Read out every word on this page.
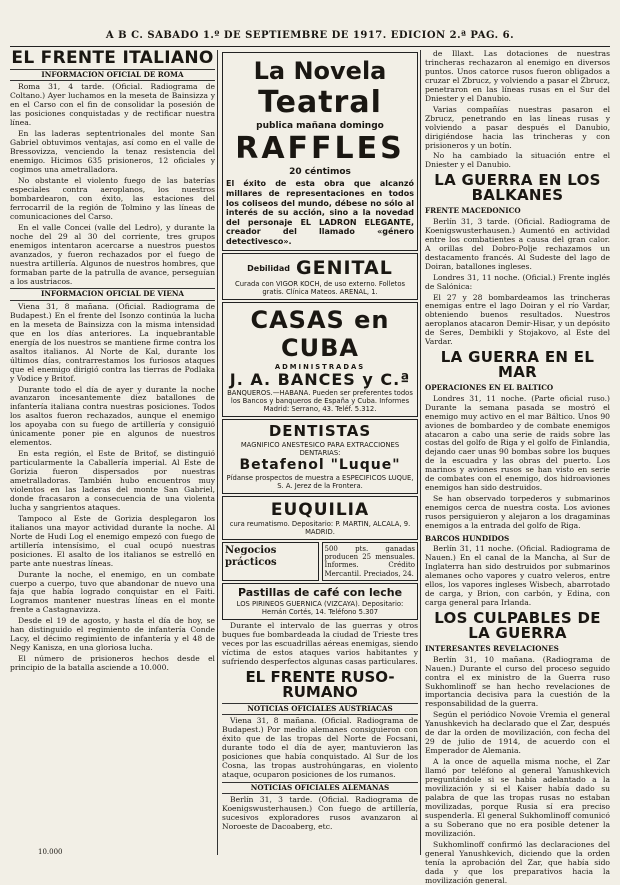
A B C. SABADO 1.º DE SEPTIEMBRE DE 1917. EDICION 2.ª PAG. 6.
EL FRENTE ITALIANO
INFORMACION OFICIAL DE ROMA

Roma 31, 4 tarde. (Oficial. Radiograma de Coltano.) Ayer luchamos en la meseta de Bainsizza y en el Carso con el fin de consolidar la posesión de las posiciones conquistadas y de rectificar nuestra línea.

En las laderas septentrionales del monte San Gabriel obtuvimos ventajas, así como en el valle de Bressovizza, venciendo la tenaz resistencia del enemigo. Hicimos 635 prisioneros, 12 oficiales y cogimos una ametralladora.

No obstante el violento fuego de las baterías especiales contra aeroplanos, los nuestros bombardearon, con éxito, las estaciones del ferrocarril de la región de Tolmino y las líneas de comunicaciones del Carso.

En el valle Concei (valle del Ledro), y durante la noche del 29 al 30 del corriente, tres grupos enemigos intentaron acercarse a nuestros puestos avanzados, y fueron rechazados por el fuego de nuestra artillería. Algunos de nuestros hombres, que formaban parte de la patrulla de avance, perseguían a los austriacos.

INFORMACION OFICIAL DE VIENA

Viena 31, 8 mañana. (Oficial. Radiograma de Budapest.) En el frente del Isonzo continúa la lucha en la meseta de Bainsizza con la misma intensidad que en los días anteriores. La inquebrantable energía de los nuestros se mantiene firme contra los asaltos italianos. Al Norte de Kal, durante los últimos días, contrarrestamos los furiosos ataques que el enemigo dirigió contra las tierras de Podlaka y Vodice y Britof.

Durante todo el día de ayer y durante la noche avanzaron incesantemente diez batallones de infantería italiana contra nuestras posiciones. Todos los asaltos fueron rechazados, aunque el enemigo los apoyaba con su fuego de artillería y consiguió únicamente poner pie en algunos de nuestros elementos.

En esta región, el Este de Britof, se distinguió particularmente la Caballería imperial. Al Este de Gorizia fueron dispersados por nuestras ametralladoras. También hubo encuentros muy violentos en las laderas del monte San Gabriel, donde fracasaron a consecuencia de una violenta lucha y sangrientos ataques.

Tampoco al Este de Gorizia desplegaron los italianos una mayor actividad durante la noche. Al Norte de Hudi Log el enemigo empezó con fuego de artillería intensísimo, el cual ocupó nuestras posiciones. El asalto de los italianos se estrelló en parte ante nuestras líneas.

Durante la noche, el enemigo, en un combate cuerpo a cuerpo, tuvo que abandonar de nuevo una faja que había logrado conquistar en el Faiti. Logramos mantener nuestras líneas en el monte frente a Castagnavizza.

Desde el 19 de agosto, y hasta el día de hoy, se han distinguido el regimiento de infantería Conde Lacy, el décimo regimiento de infantería y el 48 de Negy Kanisza, en una gloriosa lucha.

El número de prisioneros hechos desde el principio de la batalla asciende a 10.000.

10.000
La Novela
Teatral
publica mañana domingo
RAFFLES
20 céntimos
El éxito de esta obra que alcanzó millares de representaciones en todos los coliseos del mundo, débese no sólo al interés de su acción, sino a la novedad del personaje EL LADRON ELEGANTE, creador del llamado «género detectivesco».
Debilidad GENITAL
Curada con VIGOR KOCH, de uso externo. Folletos gratis. Clínica Mateos. ARENAL, 1.
CASAS en CUBA
ADMINISTRADAS
J. A. BANCES y C.ª
BANQUEROS.—HABANA. Pueden ser preferentes todos los Bancos y banqueros de España y Cuba. Informes Madrid: Serrano, 43. Teléf. 5.312.
DENTISTAS
MAGNIFICO ANESTESICO PARA EXTRACCIONES DENTARIAS:
Betafenol "Luque"
Pídanse prospectos de muestra a ESPECIFICOS LUQUE, S. A. Jerez de la Frontera.
EUQUILIA
cura reumatismo. Depositario: P. MARTIN, ALCALA, 9. MADRID.
Negocios prácticos
500 pts. ganadas producen 25 mensuales. Informes. Crédito Mercantil. Preciados, 24.
Pastillas de café con leche
LOS PIRINEOS GUERNICA (VIZCAYA). Depositario: Hernán Cortés, 14. Teléfono 5.307

Durante el intervalo de las guerras y otros buques fue bombardeada la ciudad de Trieste tres veces por las escuadrillas aéreas enemigas, siendo víctima de estos ataques varios habitantes y sufriendo desperfectos algunas casas particulares.

EL FRENTE RUSO-RUMANO
NOTICIAS OFICIALES AUSTRIACAS

Viena 31, 8 mañana. (Oficial. Radiograma de Budapest.) Por medio alemanes consiguieron con éxito que de las tropas del Norte de Focsani, durante todo el día de ayer, mantuvieron las posiciones que había conquistado. Al Sur de los Cosna, las tropas austrohúngaras, en violento ataque, ocuparon posiciones de los rumanos.

NOTICIAS OFICIALES ALEMANAS

Berlín 31, 3 tarde. (Oficial. Radiograma de Koenigswusterhausen.) Con fuego de artillería, sucesivos exploradores rusos avanzaron al Noroeste de Dacoaberg, etc.

de Illaxt. Las dotaciones de nuestras trincheras rechazaron al enemigo en diversos puntos. Unos catorce rusos fueron obligados a cruzar el Zbrucz, y volviendo a pasar el Zbrucz, penetraron en las líneas rusas en el Sur del Dniester y el Danubio.

Varias compañías nuestras pasaron el Zbrucz, penetrando en las líneas rusas y volviendo a pasar después el Danubio, dirigiéndose hacia las trincheras y con prisioneros y un botín.

No ha cambiado la situación entre el Dniester y el Danubio.

LA GUERRA EN LOS BALKANES
FRENTE MACEDONICO

Berlín 31, 3 tarde. (Oficial. Radiograma de Koenigswusterhausen.) Aumentó en actividad entre los combatientes a causa del gran calor. A orillas del Dobro-Polje rechazamos un destacamento francés. Al Sudeste del lago de Doiran, batallones ingleses.

Londres 31, 11 noche. (Oficial.) Frente inglés de Salónica:

El 27 y 28 bombardeamos las trincheras enemigas entre el lago Doiran y el río Vardar, obteniendo buenos resultados. Nuestros aeroplanos atacaron Demir-Hisar, y un depósito de Seres, Dembikli y Stojakovo, al Este del Vardar.

LA GUERRA EN EL MAR
OPERACIONES EN EL BALTICO

Londres 31, 11 noche. (Parte oficial ruso.) Durante la semana pasada se mostró el enemigo muy activo en el mar Báltico. Unos 90 aviones de bombardeo y de combate enemigos atacaron a cabo una serie de raids sobre las costas del golfo de Riga y el golfo de Finlandia, dejando caer unas 90 bombas sobre los buques de la escuadra y las obras del puerto. Los marinos y aviones rusos se han visto en serie de combates con el enemigo, dos hidroaviones enemigos han sido destruidos.

Se han observado torpederos y submarinos enemigos cerca de nuestra costa. Los aviones rusos persiguieron y alejaron a los dragaminas enemigos a la entrada del golfo de Riga.

BARCOS HUNDIDOS

Berlín 31, 11 noche. (Oficial. Radiograma de Nauen.) En el canal de la Mancha, al Sur de Inglaterra han sido destruidos por submarinos alemanes ocho vapores y cuatro veleros, entre ellos, los vapores ingleses Wisbech, abarrotado de carga, y Brion, con carbón, y Edina, con carga general para Irlanda.

LOS CULPABLES DE LA GUERRA
INTERESANTES REVELACIONES

Berlín 31, 10 mañana. (Radiograma de Nauen.) Durante el curso del proceso seguido contra el ex ministro de la Guerra ruso Sukhomlinoff se han hecho revelaciones de importancia decisiva para la cuestión de la responsabilidad de la guerra.

Según el periódico Novoie Vremia el general Yanushkevich ha declarado que el Zar, después de dar la orden de movilización, con fecha del 29 de julio de 1914, de acuerdo con el Emperador de Alemania.

A la once de aquella misma noche, el Zar llamó por teléfono al general Yanushkevich preguntándole si se había adelantado a la movilización y si el Kaiser había dado su palabra de que las tropas rusas no estaban movilizadas, porque Rusia sí era preciso suspenderla. El general Sukhomlinoff comunicó a su Soberano que no era posible detener la movilización.

Sukhomlinoff confirmó las declaraciones del general Yanushkevich, diciendo que la orden tenía la aprobación del Zar, que había sido dada y que los preparativos hacia la movilización general.
